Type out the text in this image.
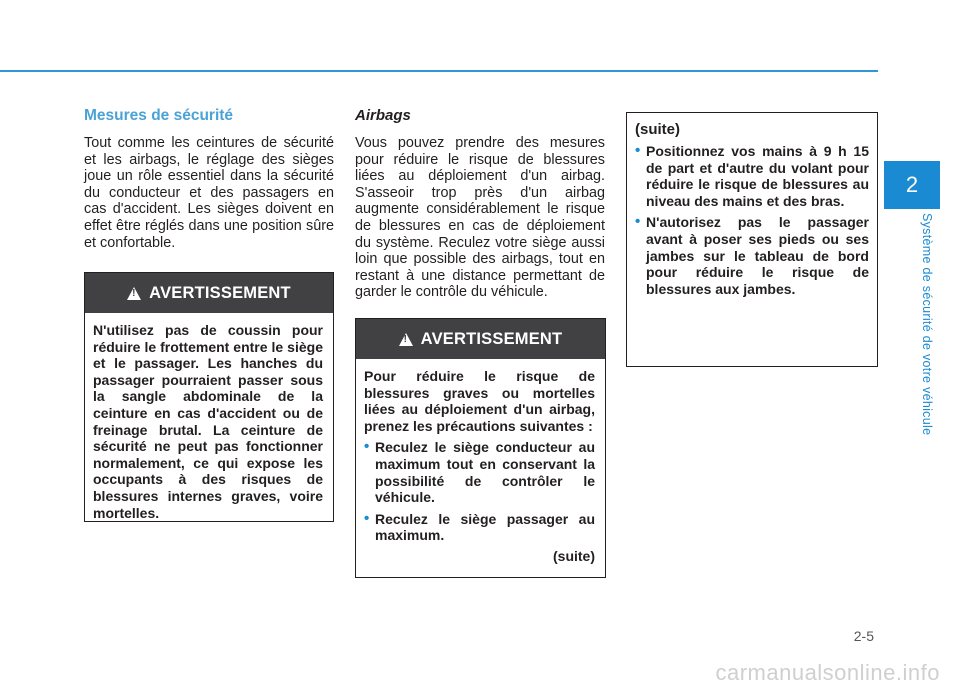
2
Système de sécurité de votre véhicule
Mesures de sécurité

Tout comme les ceintures de sécurité et les airbags, le réglage des sièges joue un rôle essentiel dans la sécurité du conducteur et des passagers en cas d'accident. Les sièges doivent en effet être réglés dans une position sûre et confortable.

!
AVERTISSEMENT
N'utilisez pas de coussin pour réduire le frottement entre le siège et le passager. Les hanches du passager pourraient passer sous la sangle abdominale de la ceinture en cas d'accident ou de freinage brutal. La ceinture de sécurité ne peut pas fonctionner normalement, ce qui expose les occupants à des risques de blessures internes graves, voire mortelles.
Airbags

Vous pouvez prendre des mesures pour réduire le risque de blessures liées au déploiement d'un airbag. S'asseoir trop près d'un airbag augmente considérablement le risque de blessures en cas de déploiement du système. Reculez votre siège aussi loin que possible des airbags, tout en restant à une distance permettant de garder le contrôle du véhicule.

!
AVERTISSEMENT
Pour réduire le risque de blessures graves ou mortelles liées au déploiement d'un airbag, prenez les précautions suivantes :
• Reculez le siège conducteur au maximum tout en conservant la possibilité de contrôler le véhicule.
• Reculez le siège passager au maximum.
(suite)
(suite)
• Positionnez vos mains à 9 h 15 de part et d'autre du volant pour réduire le risque de blessures au niveau des mains et des bras.
• N'autorisez pas le passager avant à poser ses pieds ou ses jambes sur le tableau de bord pour réduire le risque de blessures aux jambes.
2-5
carmanualsonline.info
